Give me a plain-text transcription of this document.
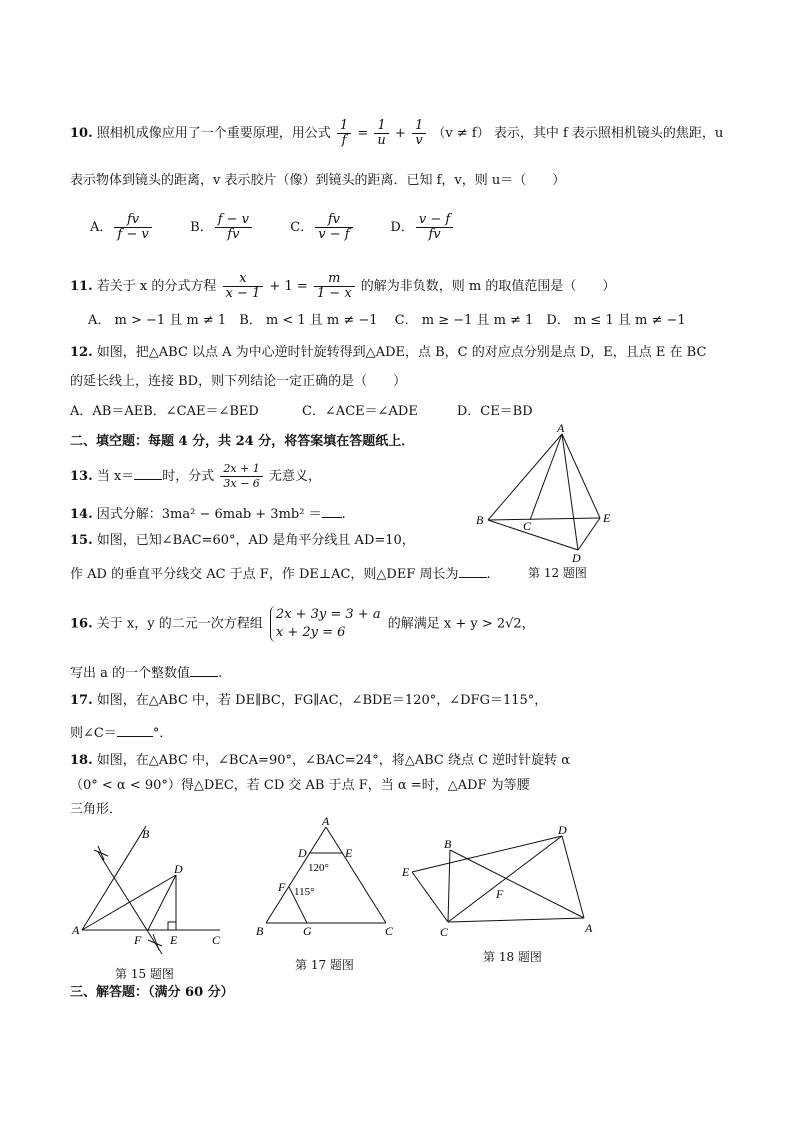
10. 照相机成像应用了一个重要原理，用公式 $\frac{1}{f} = \frac{1}{u} + \frac{1}{v} (v \ne f)$ 表示，其中 f 表示照相机镜头的焦距，u
表示物体到镜头的距离，v 表示胶片（像）到镜头的距离．已知 f，v，则 u＝（　　）
A． $\frac{fv}{f - v}$	B． $\frac{f - v}{fv}$	C． $\frac{fv}{v - f}$	D． $\frac{v - f}{fv}$
11. 若关于 x 的分式方程 $\frac{x}{x - 1} + 1 = \frac{m}{1 - x}$ 的解为非负数，则 m 的取值范围是（　　）
A． m > −1 且 m ≠ 1　B． m < 1 且 m ≠ −1　 C． m ≥ −1 且 m ≠ 1　D． m ≤ 1 且 m ≠ −1
12. 如图，把△ABC 以点 A 为中心逆时针旋转得到△ADE，点 B，C 的对应点分别是点 D，E，且点 E 在 BC
的延长线上，连接 BD，则下列结论一定正确的是（　　）
A．AB＝AEB．∠CAE＝∠BED　　　 C．∠ACE＝∠ADE　　　D．CE＝BD
二、填空题：每题 4 分，共 24 分，将答案填在答题纸上．
13. 当 x＝ 时，分式 $\frac{2x + 1}{3x - 6}$ 无意义，
14. 因式分解：3ma² − 6mab + 3mb² ＝ .
15. 如图，已知∠BAC=60°，AD 是角平分线且 AD=10，
作 AD 的垂直平分线交 AC 于点 F，作 DE⊥AC，则△DEF 周长为 .	第 12 题图
A
B	C
D
E
16. 关于 x，y 的二元一次方程组
2x + 3y = 3 + a
x + 2y = 6
的解满足 x + y > 2√2，
写出 a 的一个整数值 .
17. 如图，在△ABC 中，若 DE∥BC，FG∥AC，∠BDE＝120°，∠DFG＝115°，
则∠C＝	°．
18. 如图，在△ABC 中，∠BCA=90°，∠BAC=24°，将△ABC 绕点 C 逆时针旋转 α
（0° < α < 90°）得△DEC，若 CD 交 AB 于点 F，当 α =时，△ADF 为等腰
三角形．
A
B
C
D
E
F
第 15 题图
A
B	C
D	E
F
G
120°
115°
第 17 题图
A
B
C
D
E
F
第 18 题图
三、解答题：（满分 60 分）
